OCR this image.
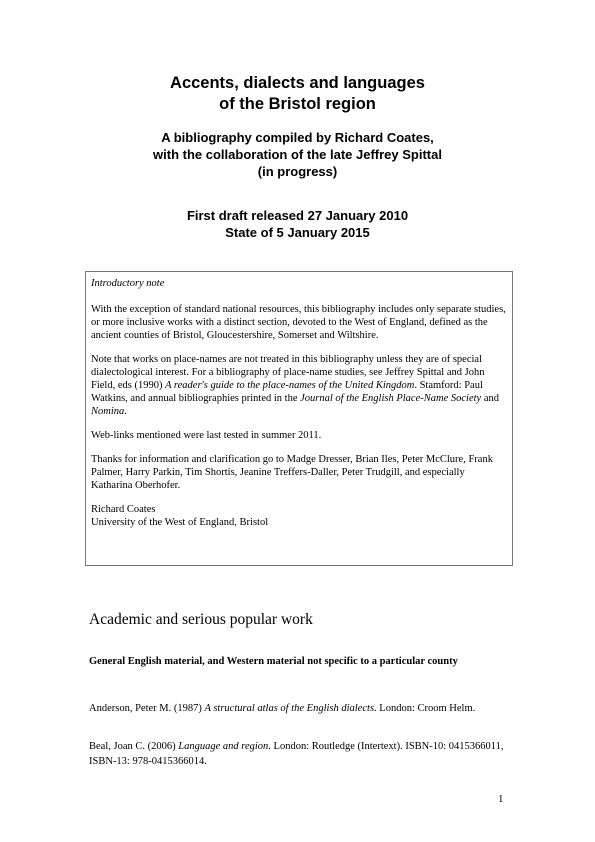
Accents, dialects and languages
of the Bristol region
A bibliography compiled by Richard Coates,
with the collaboration of the late Jeffrey Spittal
(in progress)
First draft released 27 January 2010
State of 5 January 2015

Introductory note

With the exception of standard national resources, this bibliography includes only separate studies, or more inclusive works with a distinct section, devoted to the West of England, defined as the ancient counties of Bristol, Gloucestershire, Somerset and Wiltshire.

Note that works on place-names are not treated in this bibliography unless they are of special dialectological interest. For a bibliography of place-name studies, see Jeffrey Spittal and John Field, eds (1990) A reader's guide to the place-names of the United Kingdom. Stamford: Paul Watkins, and annual bibliographies printed in the Journal of the English Place-Name Society and Nomina.

Web-links mentioned were last tested in summer 2011.

Thanks for information and clarification go to Madge Dresser, Brian Iles, Peter McClure, Frank Palmer, Harry Parkin, Tim Shortis, Jeanine Treffers-Daller, Peter Trudgill, and especially Katharina Oberhofer.

Richard Coates
University of the West of England, Bristol

Academic and serious popular work
General English material, and Western material not specific to a particular county
Anderson, Peter M. (1987) A structural atlas of the English dialects. London: Croom Helm.
Beal, Joan C. (2006) Language and region. London: Routledge (Intertext). ISBN-10: 0415366011, ISBN-13: 978-0415366014.
1
